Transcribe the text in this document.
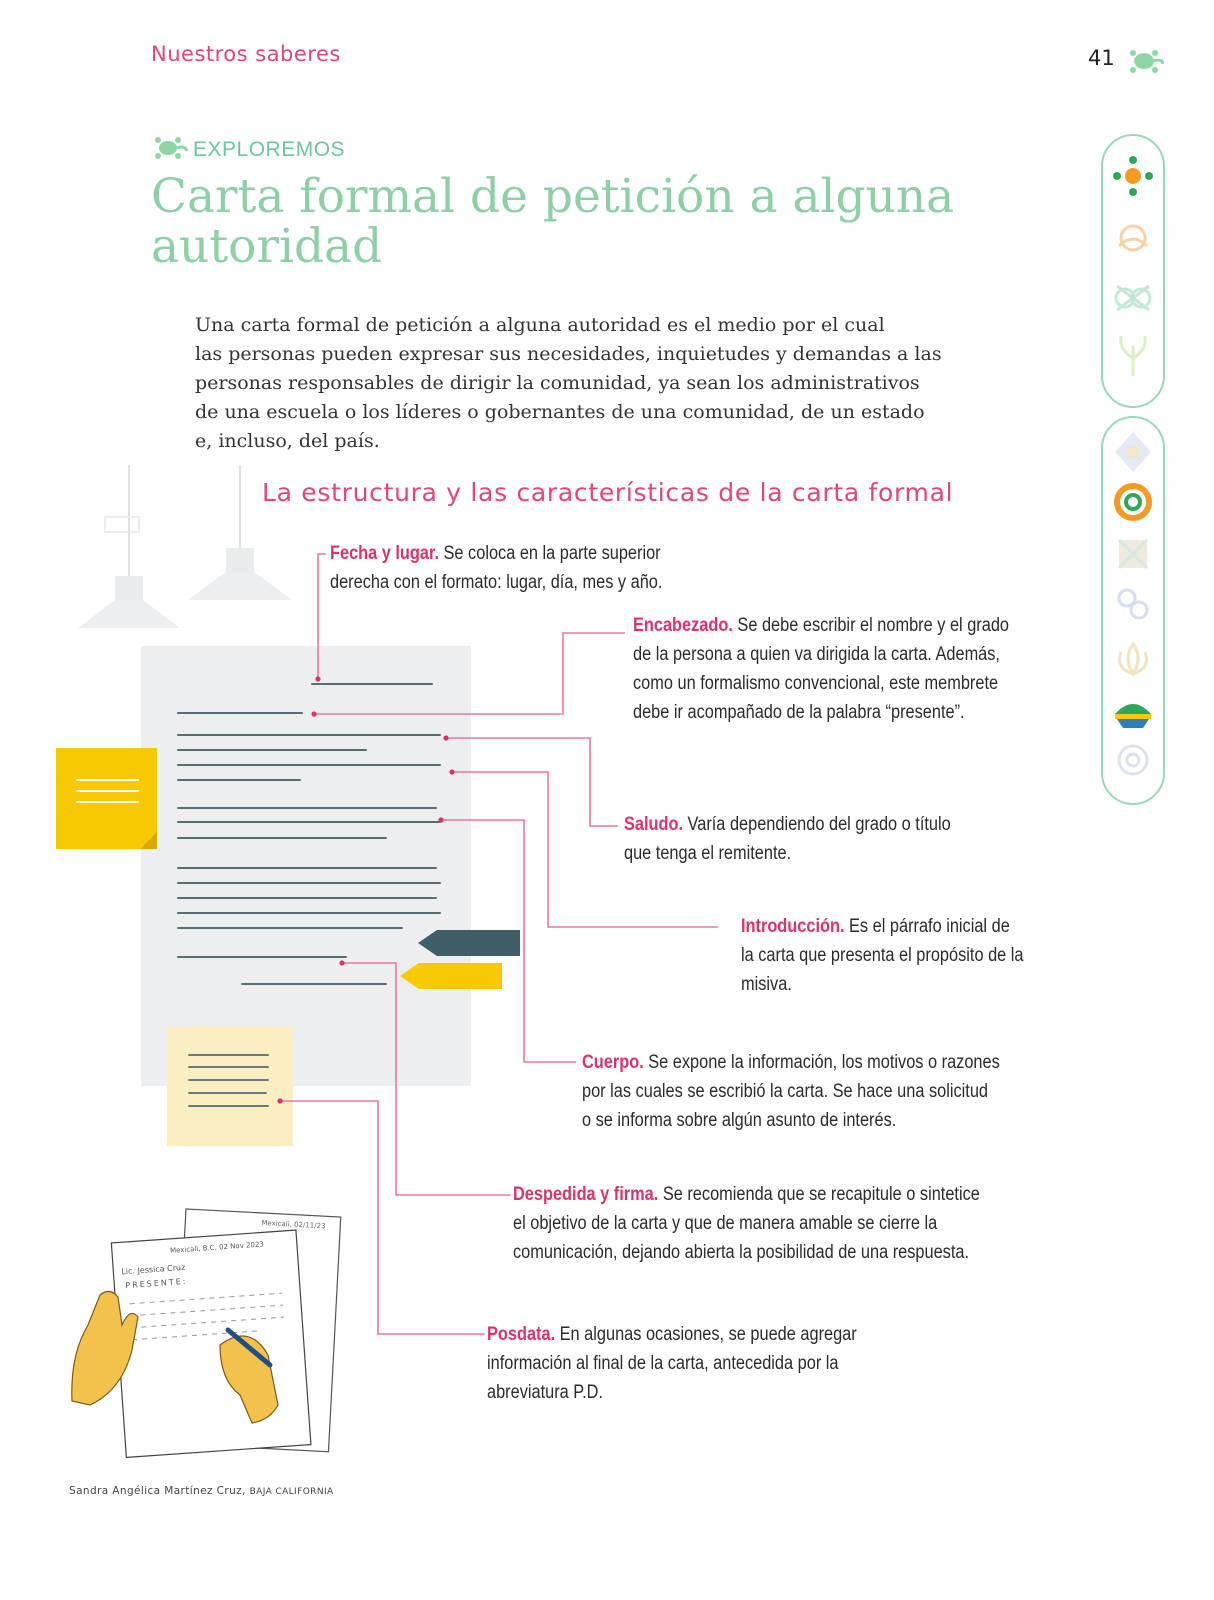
Nuestros saberes	41
EXPLOREMOS
Carta formal de petición a alguna autoridad

Una carta formal de petición a alguna autoridad es el medio por el cual
las personas pueden expresar sus necesidades, inquietudes y demandas a las
personas responsables de dirigir la comunidad, ya sean los administrativos
de una escuela o los líderes o gobernantes de una comunidad, de un estado
e, incluso, del país.

La estructura y las características de la carta formal
Mexicali, 02/11/23
Mexicali, B.C. 02 Nov 2023
Lic. Jessica Cruz
PRESENTE:

Fecha y lugar. Se coloca en la parte superior
derecha con el formato: lugar, día, mes y año.

Encabezado. Se debe escribir el nombre y el grado
de la persona a quien va dirigida la carta. Además,
como un formalismo convencional, este membrete
debe ir acompañado de la palabra “presente”.

Saludo. Varía dependiendo del grado o título
que tenga el remitente.

Introducción. Es el párrafo inicial de
la carta que presenta el propósito de la
misiva.

Cuerpo. Se expone la información, los motivos o razones
por las cuales se escribió la carta. Se hace una solicitud
o se informa sobre algún asunto de interés.

Despedida y firma. Se recomienda que se recapitule o sintetice
el objetivo de la carta y que de manera amable se cierre la
comunicación, dejando abierta la posibilidad de una respuesta.

Posdata. En algunas ocasiones, se puede agregar
información al final de la carta, antecedida por la
abreviatura P.D.

Sandra Angélica Martínez Cruz, BAJA CALIFORNIA
